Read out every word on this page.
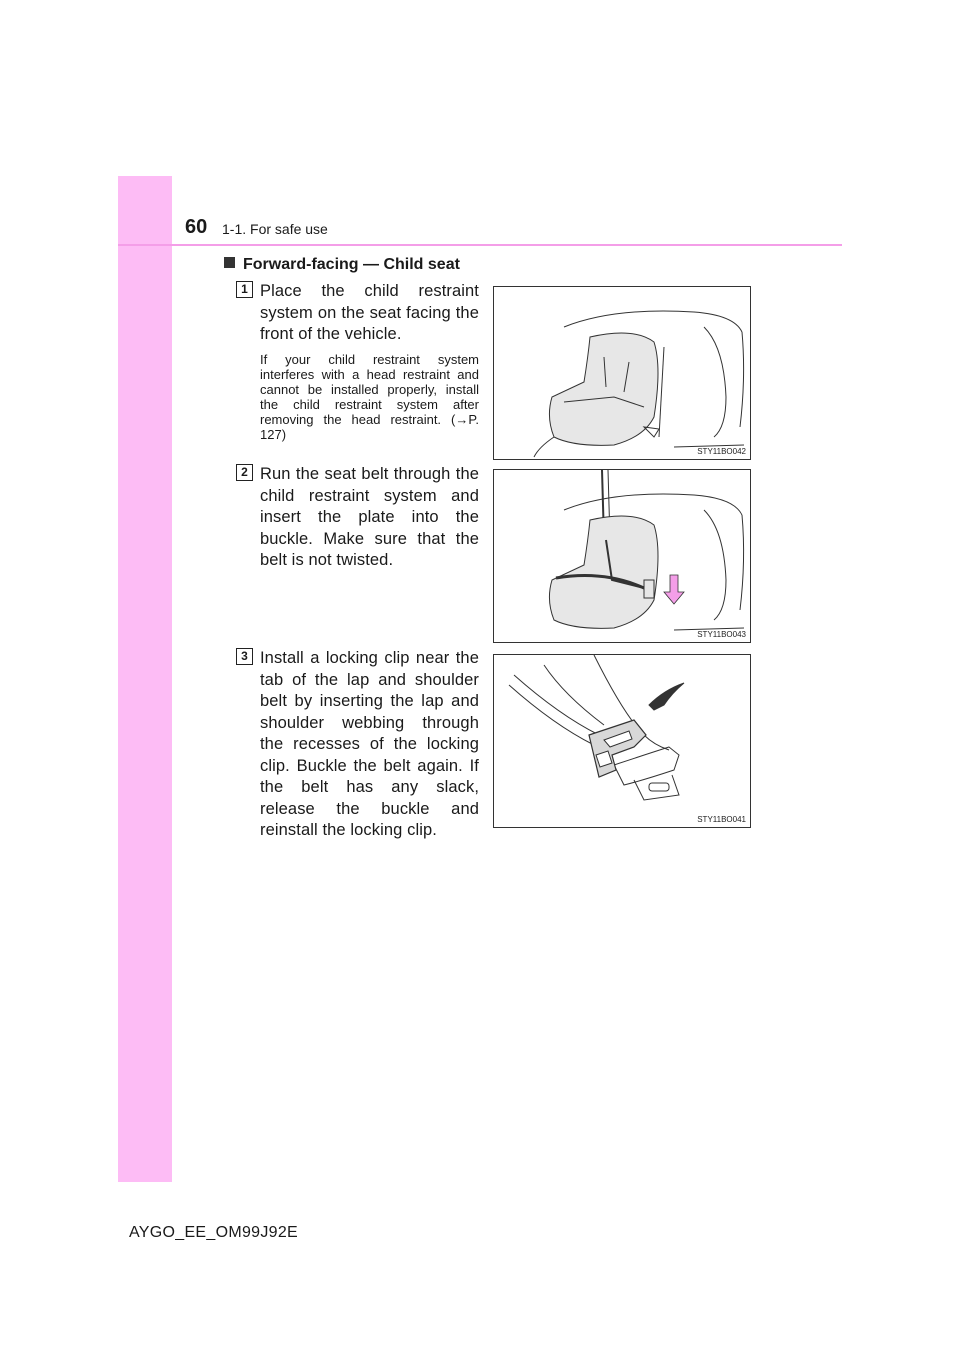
60 1-1. For safe use
Forward-facing — Child seat
1 Place the child restraint system on the seat facing the front of the vehicle.
If your child restraint system interferes with a head restraint and cannot be installed properly, install the child restraint system after removing the head restraint. (→P. 127)
STY11BO042
2 Run the seat belt through the child restraint system and insert the plate into the buckle. Make sure that the belt is not twisted.
STY11BO043
3 Install a locking clip near the tab of the lap and shoulder belt by inserting the lap and shoulder webbing through the recesses of the locking clip. Buckle the belt again. If the belt has any slack, release the buckle and reinstall the locking clip.
STY11BO041
AYGO_EE_OM99J92E
